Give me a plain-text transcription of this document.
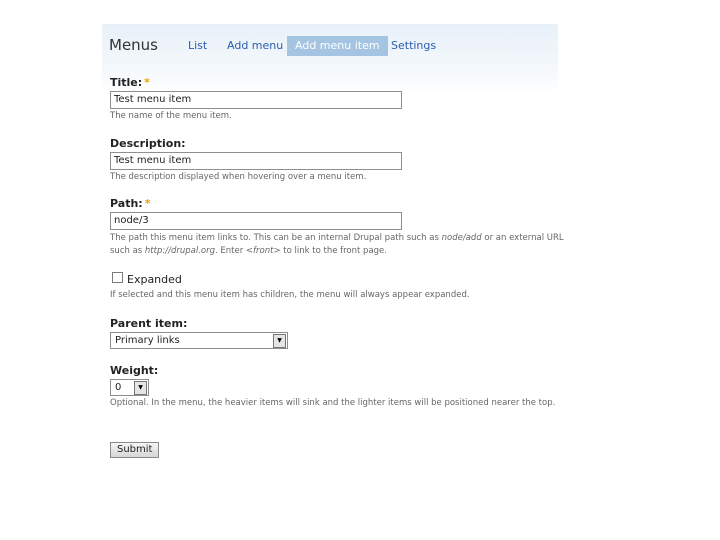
Menus	List Add menu	Add menu item	Settings
Title: *
Test menu item
The name of the menu item.
Description:
Test menu item
The description displayed when hovering over a menu item.
Path: *
node/3
The path this menu item links to. This can be an internal Drupal path such as node/add or an external URL
such as http://drupal.org. Enter <front> to link to the front page.
Expanded
If selected and this menu item has children, the menu will always appear expanded.
Parent item:
Primary links	▼
Weight:
0	▼
Optional. In the menu, the heavier items will sink and the lighter items will be positioned nearer the top.
Submit
